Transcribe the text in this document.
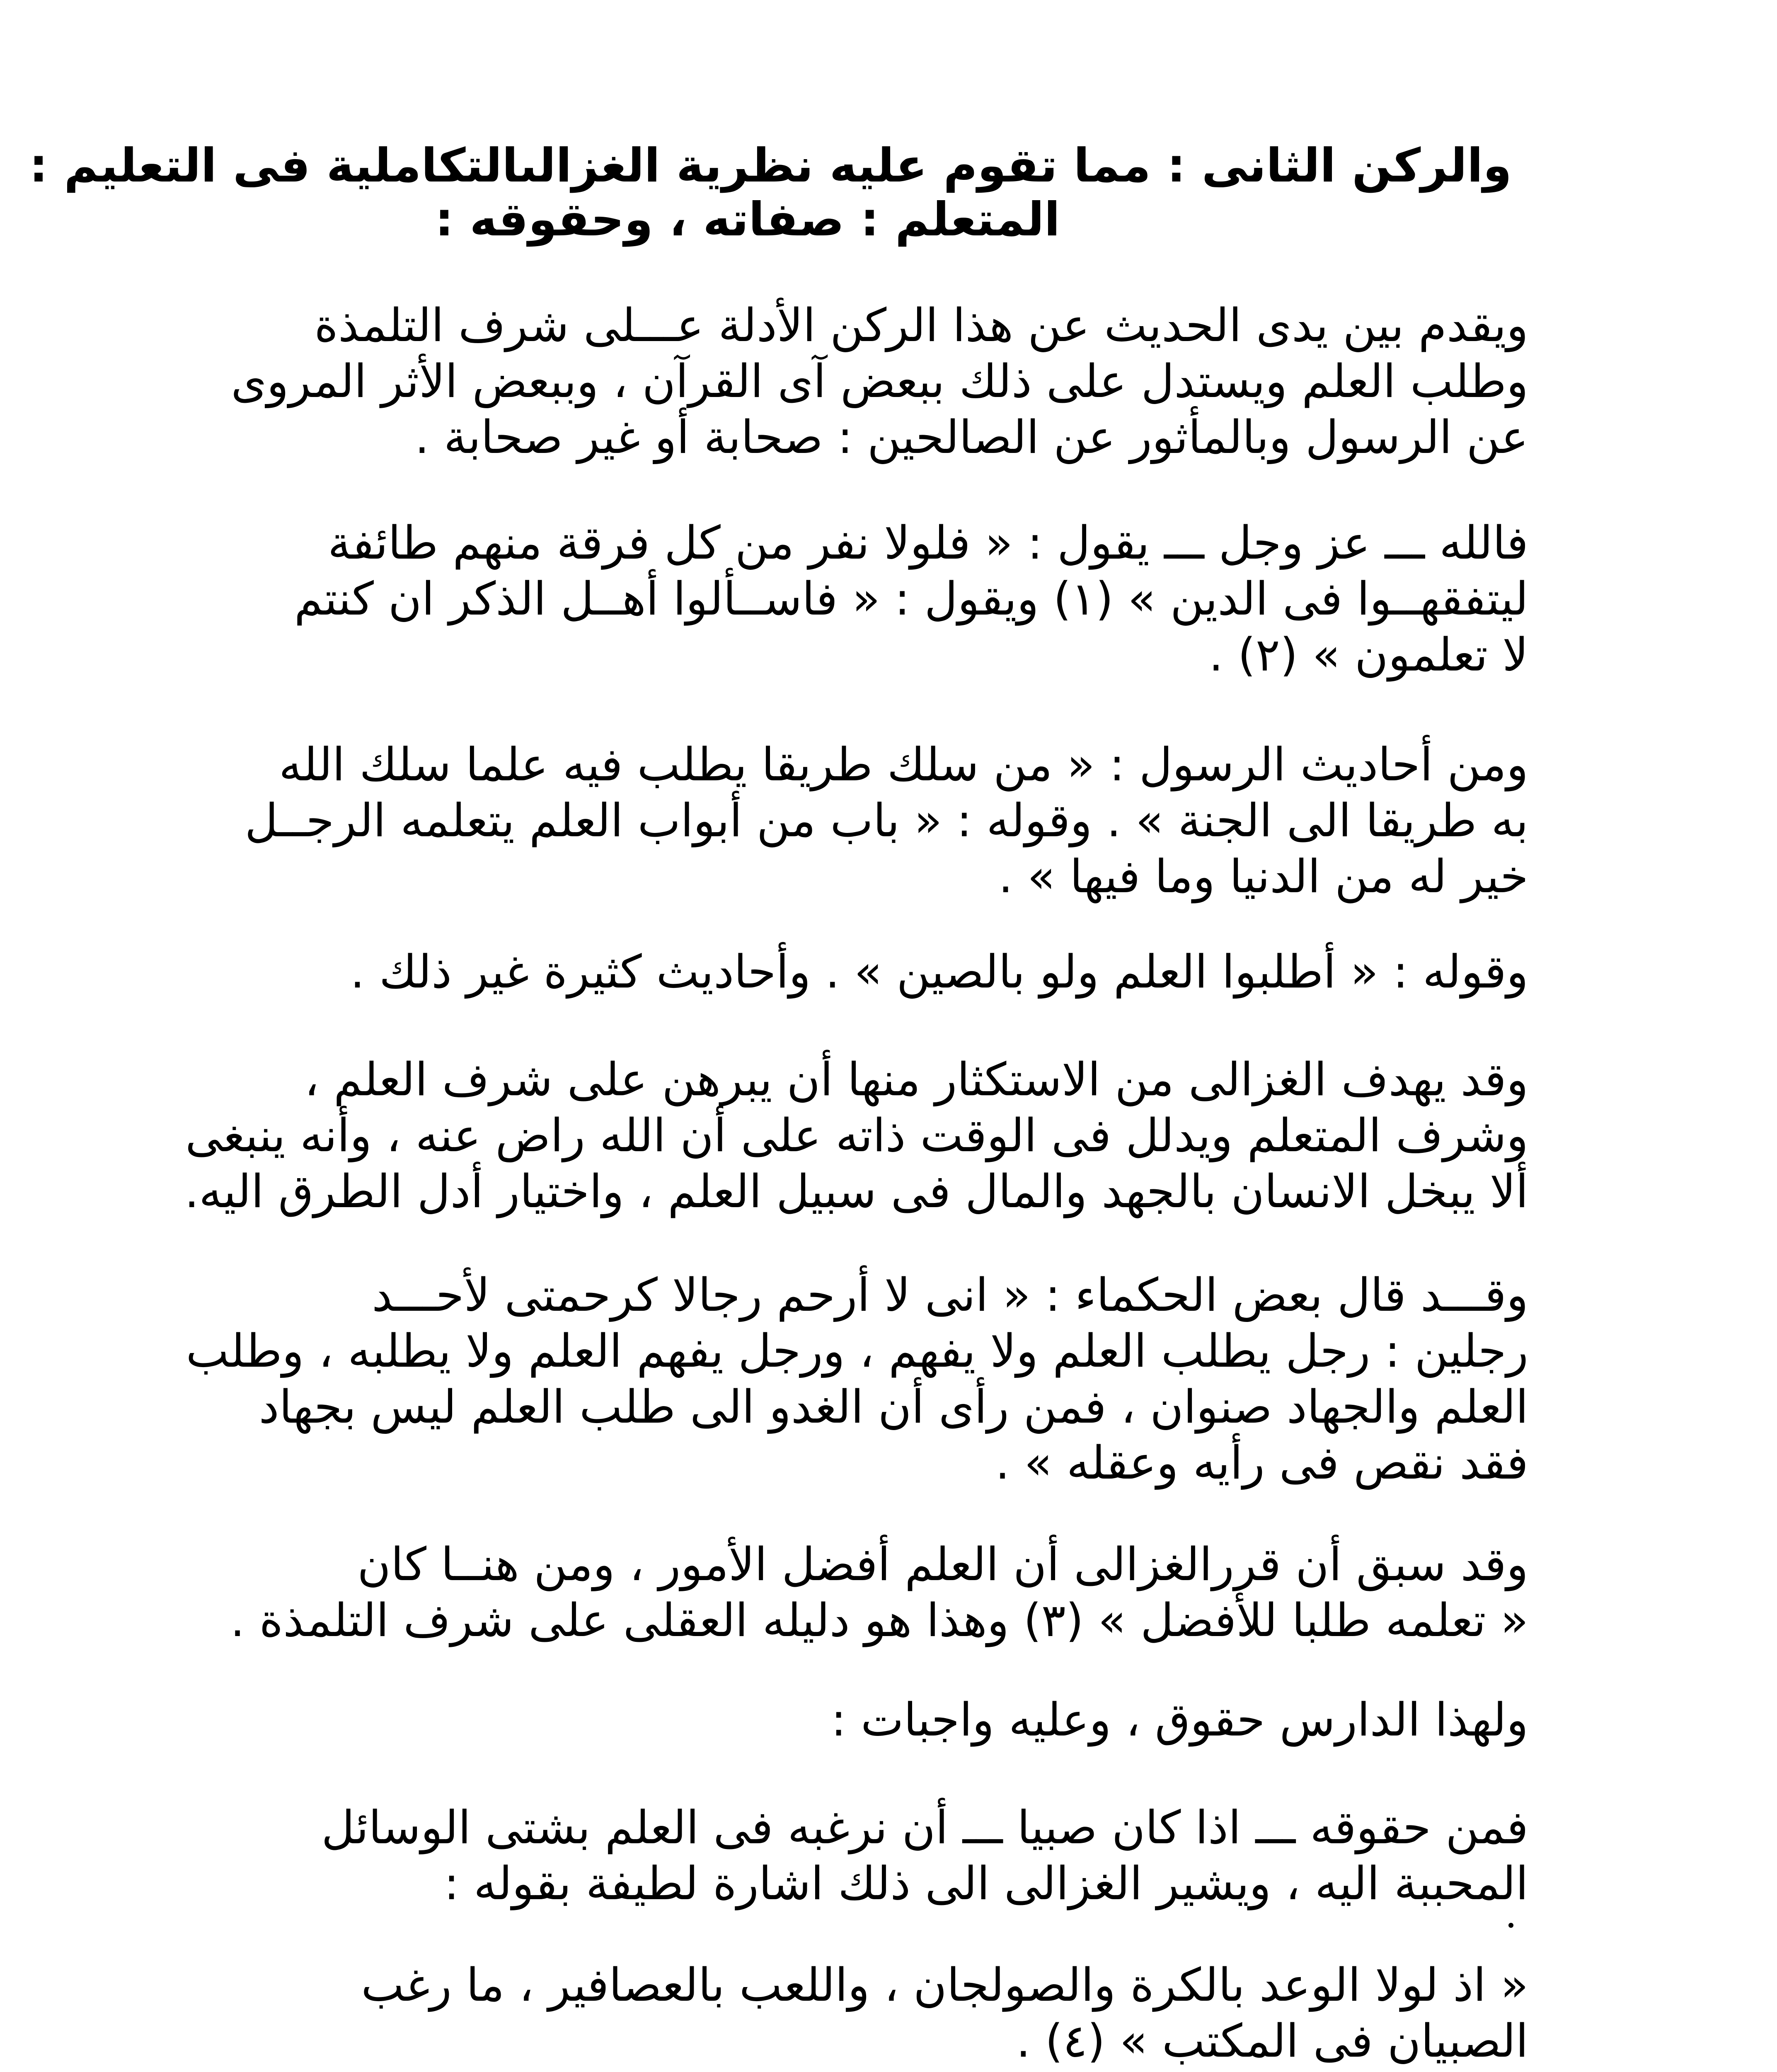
والركن الثانى : مما تقوم عليه نظرية الغزالىالتكاملية فى التعليم :
المتعلم : صفاته ، وحقوقه :
ويقدم بين يدى الحديث عن هذا الركن الأدلة عـــلى شرف التلمذة
وطلب العلم ويستدل على ذلك ببعض آى القرآن ، وببعض الأثر المروى
عن الرسول وبالمأثور عن الصالحين : صحابة أو غير صحابة .
فالله ـــ عز وجل ـــ يقول : « فلولا نفر من كل فرقة منهم طائفة
ليتفقهــوا فى الدين » (١) ويقول : « فاســألوا أهــل الذكر ان كنتم
لا تعلمون » (٢) .
ومن أحاديث الرسول : « من سلك طريقا يطلب فيه علما سلك الله
به طريقا الى الجنة » . وقوله : « باب من أبواب العلم يتعلمه الرجــل
خير له من الدنيا وما فيها » .
وقوله : « أطلبوا العلم ولو بالصين » . وأحاديث كثيرة غير ذلك .
وقد يهدف الغزالى من الاستكثار منها أن يبرهن على شرف العلم ،
وشرف المتعلم ويدلل فى الوقت ذاته على أن الله راض عنه ، وأنه ينبغى
ألا يبخل الانسان بالجهد والمال فى سبيل العلم ، واختيار أدل الطرق اليه.
وقـــد قال بعض الحكماء : « انى لا أرحم رجالا كرحمتى لأحـــد
رجلين : رجل يطلب العلم ولا يفهم ، ورجل يفهم العلم ولا يطلبه ، وطلب
العلم والجهاد صنوان ، فمن رأى أن الغدو الى طلب العلم ليس بجهاد
فقد نقص فى رأيه وعقله » .
وقد سبق أن قررالغزالى أن العلم أفضل الأمور ، ومن هنــا كان
« تعلمه طلبا للأفضل » (٣) وهذا هو دليله العقلى على شرف التلمذة .
ولهذا الدارس حقوق ، وعليه واجبات :
فمن حقوقه ـــ اذا كان صبيا ـــ أن نرغبه فى العلم بشتى الوسائل
المحببة اليه ، ويشير الغزالى الى ذلك اشارة لطيفة بقوله :
« اذ لولا الوعد بالكرة والصولجان ، واللعب بالعصافير ، ما رغب
الصبيان فى المكتب » (٤) .
